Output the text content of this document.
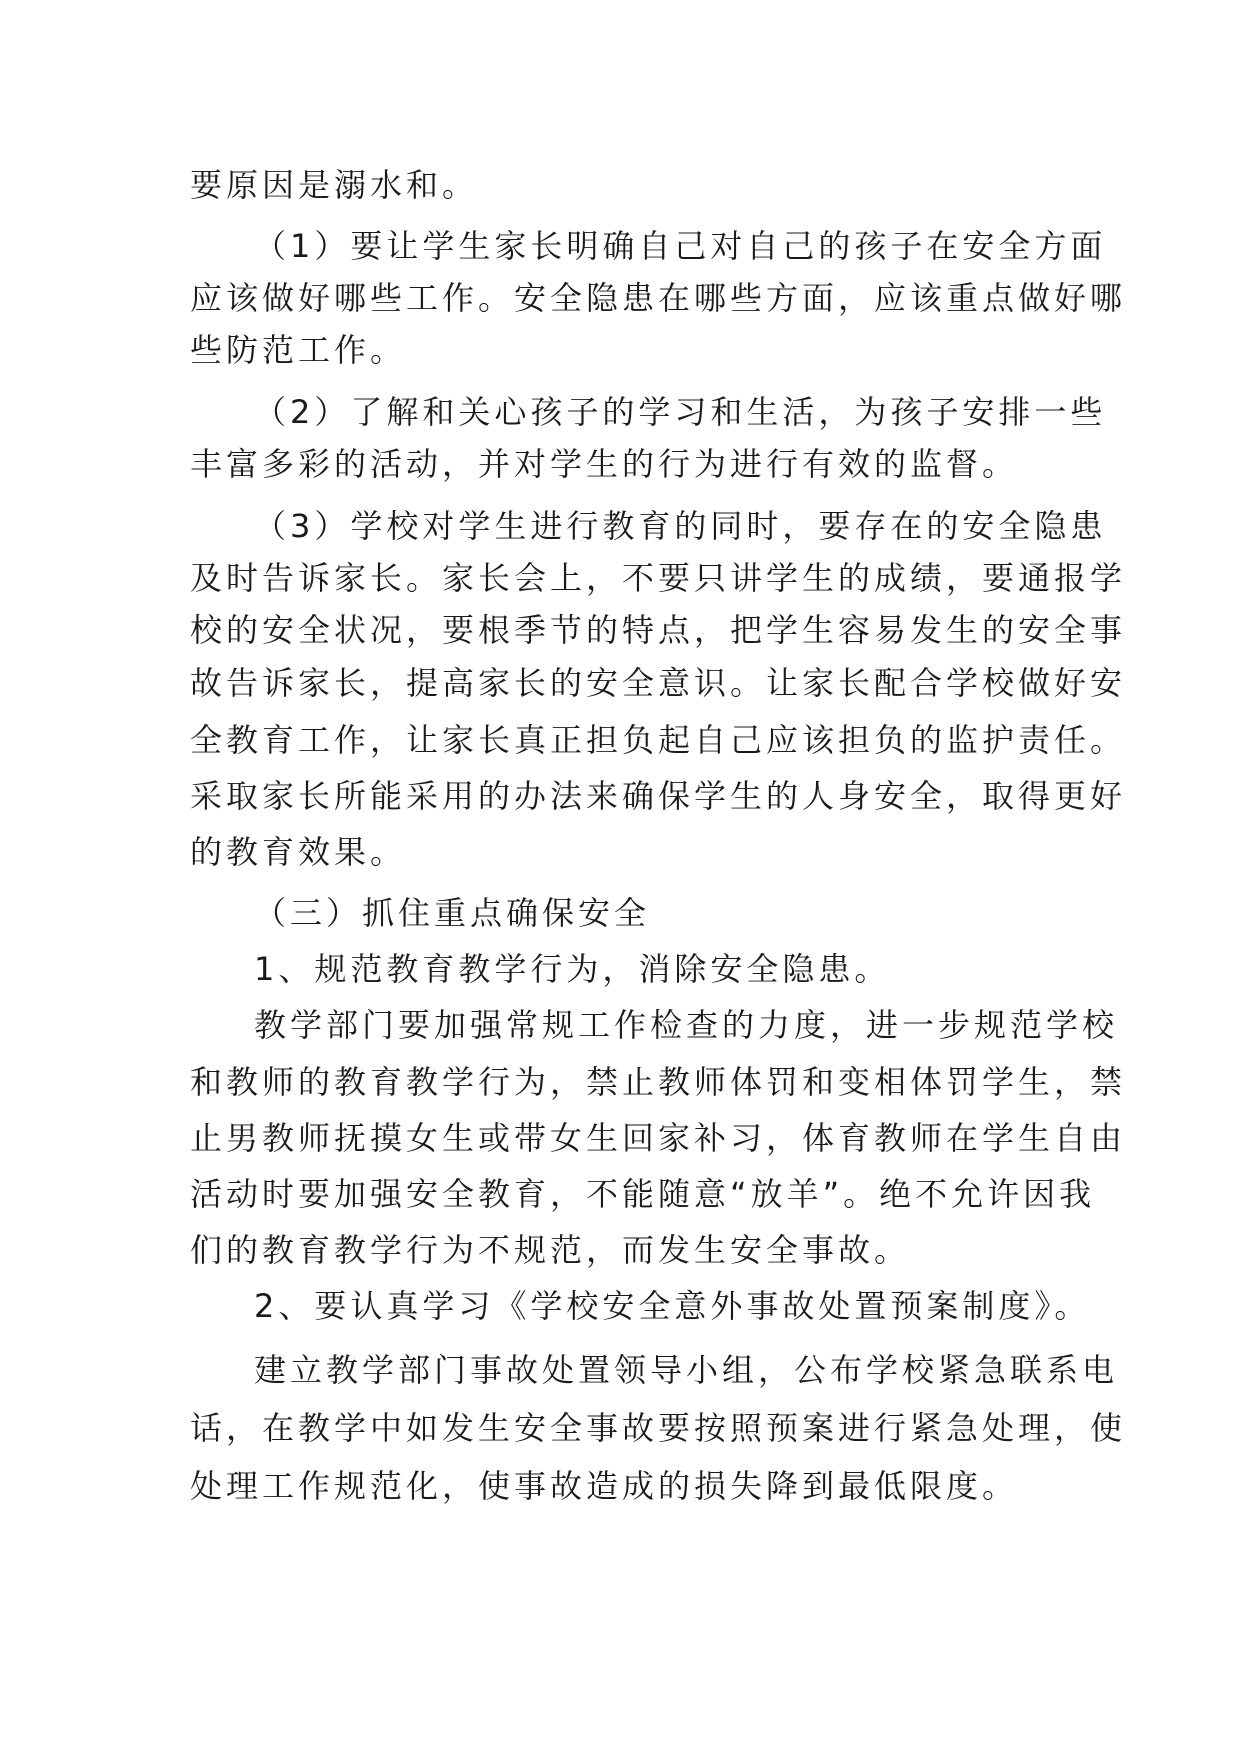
要原因是溺水和。
（1）要让学生家长明确自己对自己的孩子在安全方面
应该做好哪些工作。安全隐患在哪些方面，应该重点做好哪
些防范工作。
（2）了解和关心孩子的学习和生活，为孩子安排一些
丰富多彩的活动，并对学生的行为进行有效的监督。
（3）学校对学生进行教育的同时，要存在的安全隐患
及时告诉家长。家长会上，不要只讲学生的成绩，要通报学
校的安全状况，要根季节的特点，把学生容易发生的安全事
故告诉家长，提高家长的安全意识。让家长配合学校做好安
全教育工作，让家长真正担负起自己应该担负的监护责任。
采取家长所能采用的办法来确保学生的人身安全，取得更好
的教育效果。
（三）抓住重点确保安全
1、规范教育教学行为，消除安全隐患。
教学部门要加强常规工作检查的力度，进一步规范学校
和教师的教育教学行为，禁止教师体罚和变相体罚学生，禁
止男教师抚摸女生或带女生回家补习，体育教师在学生自由
活动时要加强安全教育，不能随意“放羊”。绝不允许因我
们的教育教学行为不规范，而发生安全事故。
2、要认真学习《学校安全意外事故处置预案制度》。
建立教学部门事故处置领导小组，公布学校紧急联系电
话，在教学中如发生安全事故要按照预案进行紧急处理，使
处理工作规范化，使事故造成的损失降到最低限度。
